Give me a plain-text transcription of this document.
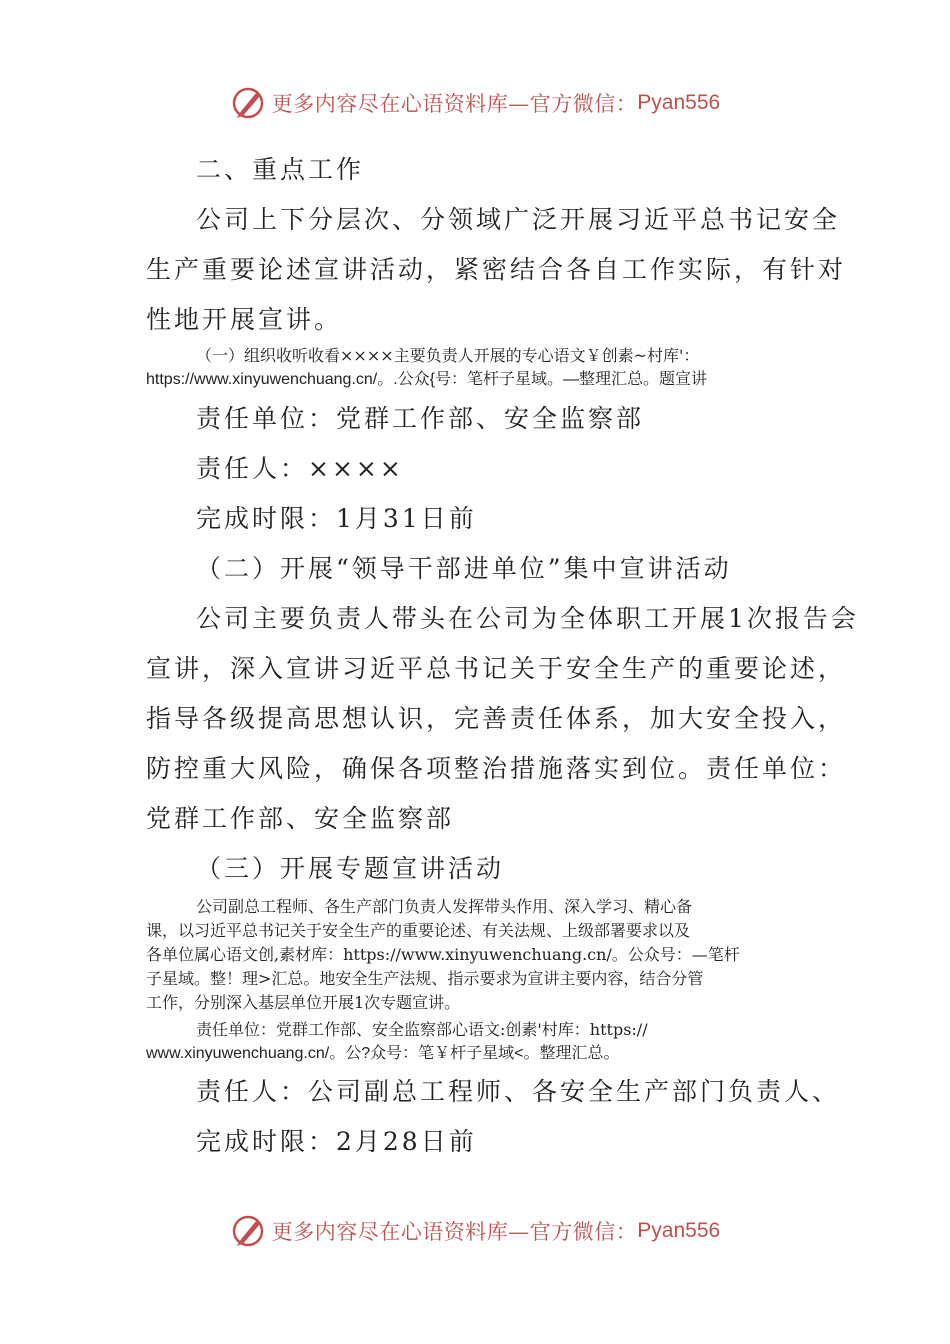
更多内容尽在心语资料库—官方微信： Pyan556
二、重点工作
公司上下分层次、分领域广泛开展习近平总书记安全
生产重要论述宣讲活动，紧密结合各自工作实际，有针对
性地开展宣讲。
（一）组织收听收看××××主要负责人开展的专心语文￥创素~村库'：
https://www.xinyuwenchuang.cn/。.公众{号：笔杆子星域。—整理汇总。题宣讲
责任单位：党群工作部、安全监察部
责任人：××××
完成时限：1月31日前
（二）开展“领导干部进单位”集中宣讲活动
公司主要负责人带头在公司为全体职工开展1次报告会
宣讲，深入宣讲习近平总书记关于安全生产的重要论述，
指导各级提高思想认识，完善责任体系，加大安全投入，
防控重大风险，确保各项整治措施落实到位。责任单位：
党群工作部、安全监察部
（三）开展专题宣讲活动
公司副总工程师、各生产部门负责人发挥带头作用、深入学习、精心备
课，以习近平总书记关于安全生产的重要论述、有关法规、上级部署要求以及
各单位属心语文创,素材库：https://www.xinyuwenchuang.cn/。公众号：—笔杆
子星域。整！理>汇总。地安全生产法规、指示要求为宣讲主要内容，结合分管
工作，分别深入基层单位开展1次专题宣讲。
责任单位：党群工作部、安全监察部心语文:创素'村库：https://
www.xinyuwenchuang.cn/。公?众号：笔￥杆子星域<。整理汇总。
责任人：公司副总工程师、各安全生产部门负责人、
完成时限：2月28日前
更多内容尽在心语资料库—官方微信： Pyan556
